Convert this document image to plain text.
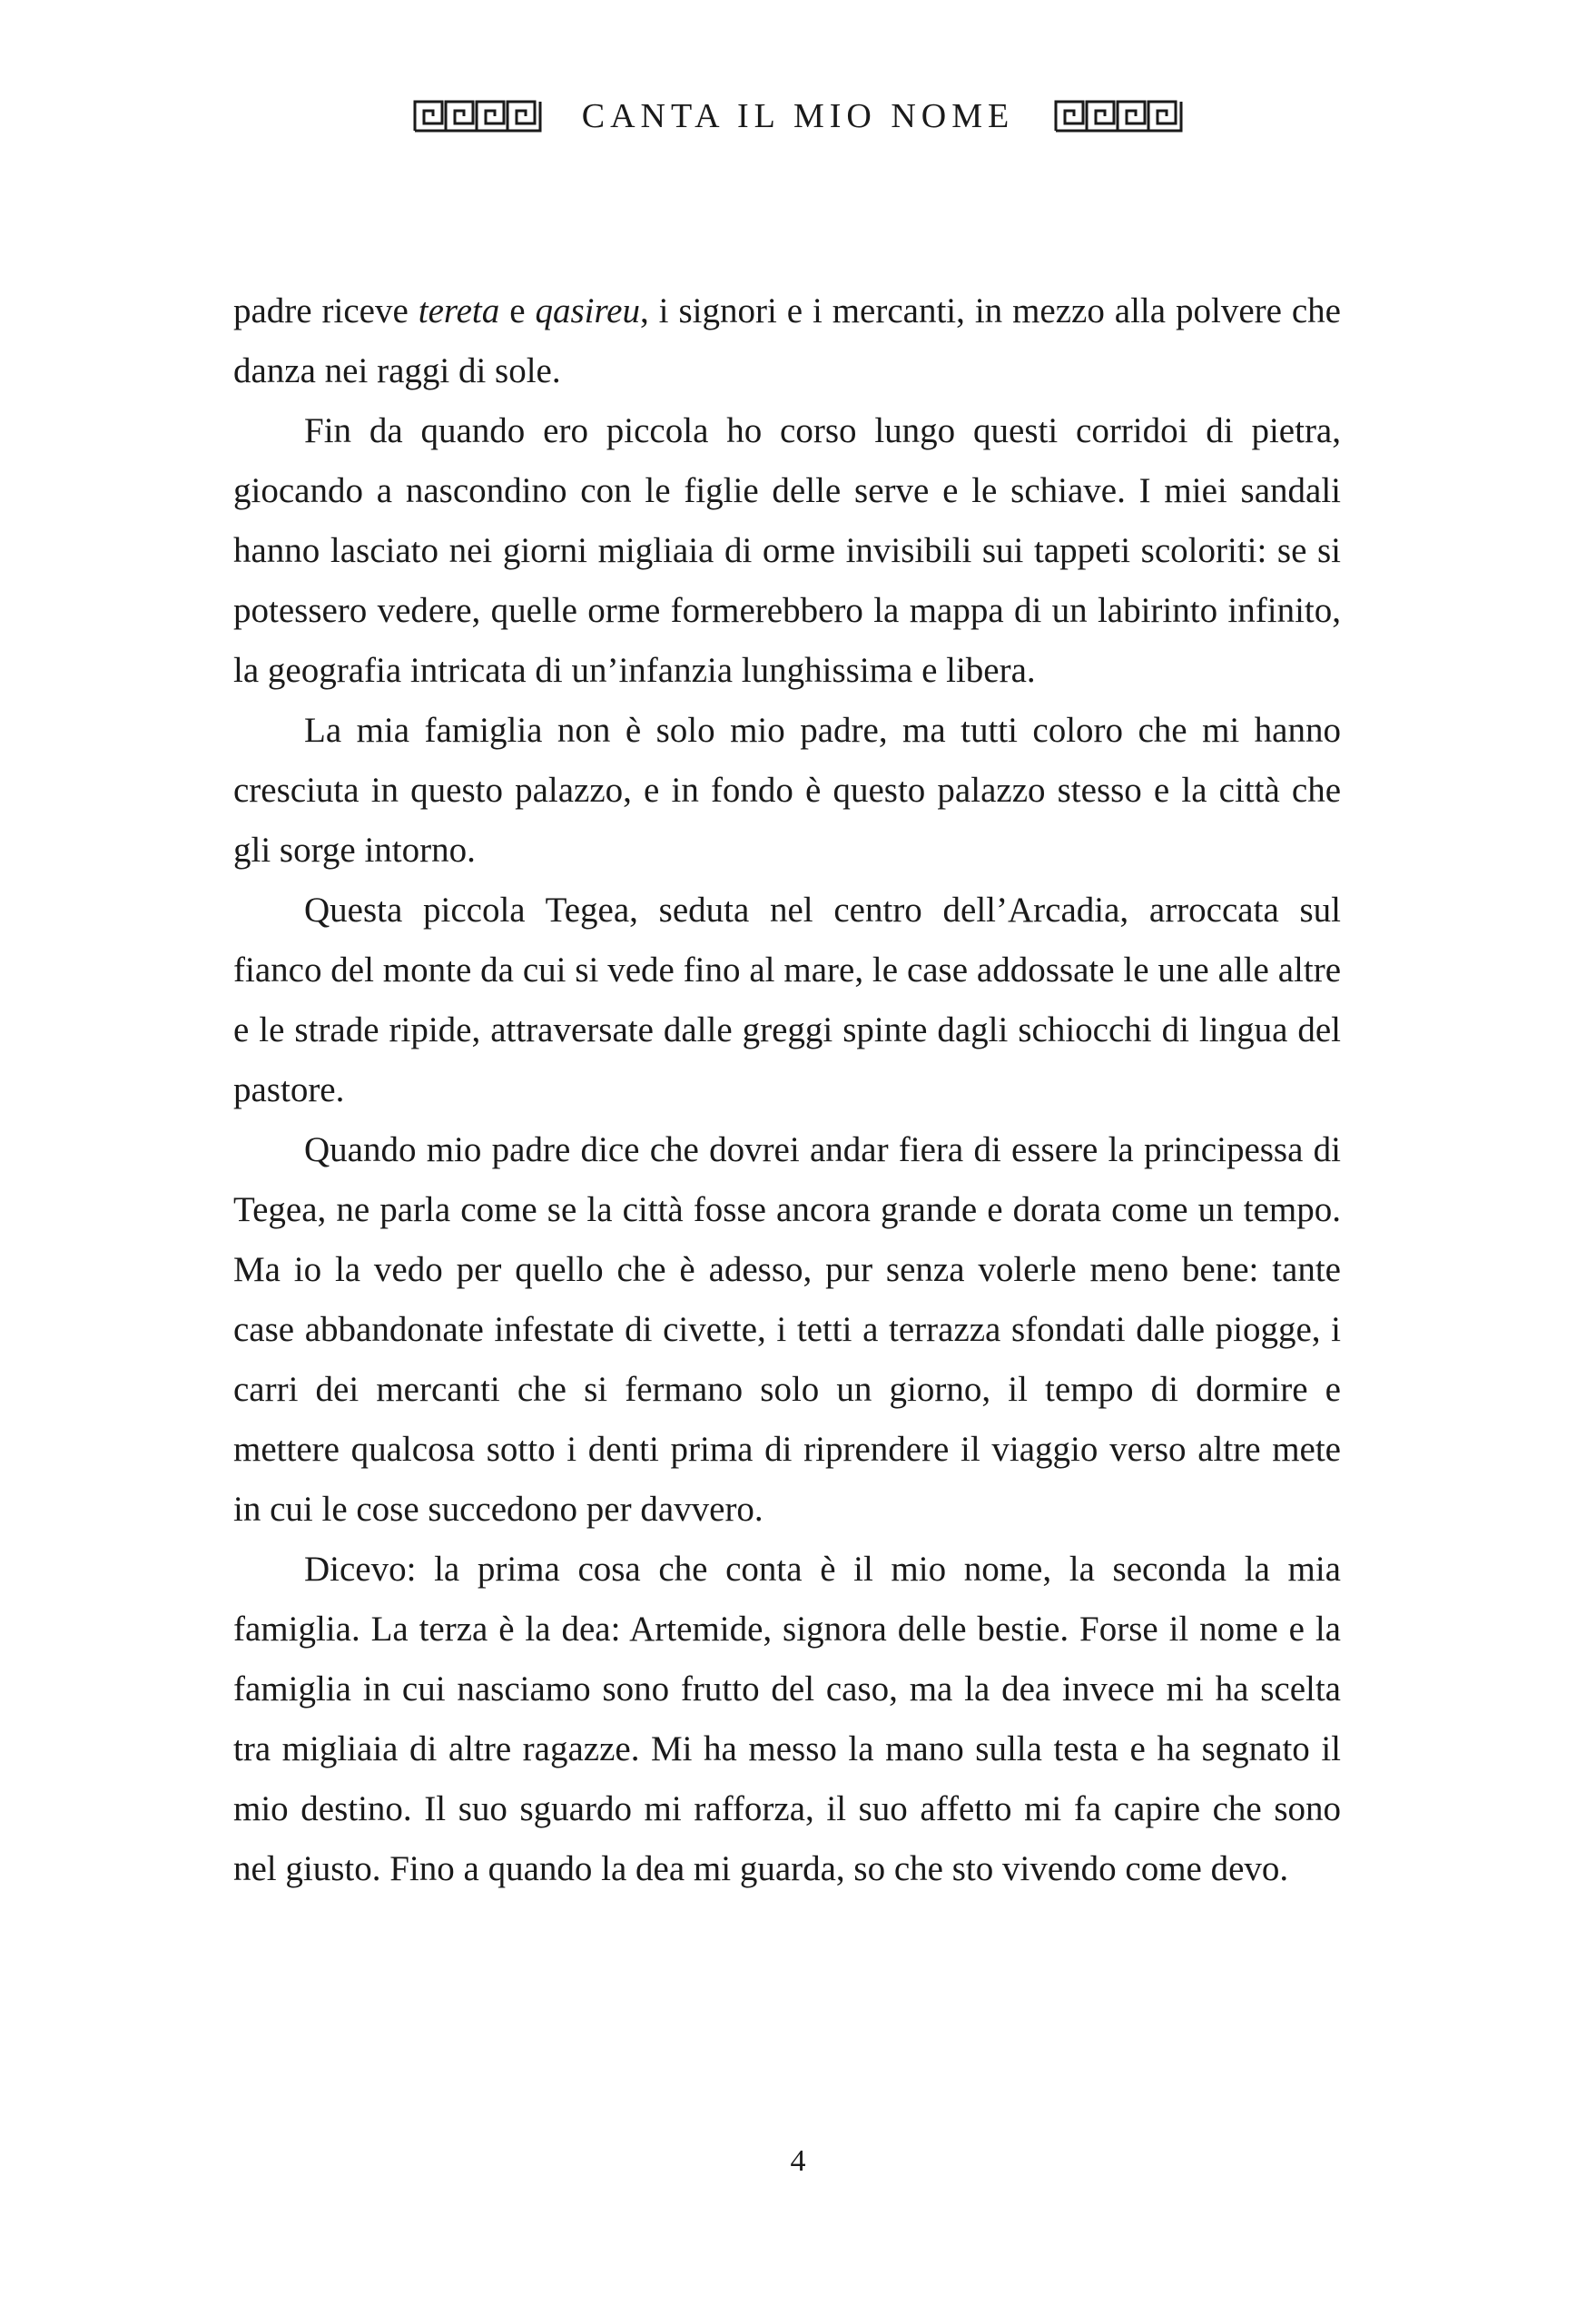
CANTA IL MIO NOME

padre riceve tereta e qasireu, i signori e i mercanti, in mezzo alla polvere che danza nei raggi di sole.

Fin da quando ero piccola ho corso lungo questi corridoi di pietra, giocando a nascondino con le figlie delle serve e le schiave. I miei sandali hanno lasciato nei giorni migliaia di orme invisibili sui tappeti scoloriti: se si potessero vedere, quelle orme formerebbero la mappa di un labirinto infinito, la geografia intricata di un’infanzia lunghissima e libera.

La mia famiglia non è solo mio padre, ma tutti coloro che mi hanno cresciuta in questo palazzo, e in fondo è questo palazzo stesso e la città che gli sorge intorno.

Questa piccola Tegea, seduta nel centro dell’Arcadia, arroccata sul fianco del monte da cui si vede fino al mare, le case addossate le une alle altre e le strade ripide, attraversate dalle greggi spinte dagli schiocchi di lingua del pastore.

Quando mio padre dice che dovrei andar fiera di essere la principessa di Tegea, ne parla come se la città fosse ancora grande e dorata come un tempo. Ma io la vedo per quello che è adesso, pur senza volerle meno bene: tante case abbandonate infestate di civette, i tetti a terrazza sfondati dalle piogge, i carri dei mercanti che si fermano solo un giorno, il tempo di dormire e mettere qualcosa sotto i denti prima di riprendere il viaggio verso altre mete in cui le cose succedono per davvero.

Dicevo: la prima cosa che conta è il mio nome, la seconda la mia famiglia. La terza è la dea: Artemide, signora delle bestie. Forse il nome e la famiglia in cui nasciamo sono frutto del caso, ma la dea invece mi ha scelta tra migliaia di altre ragazze. Mi ha messo la mano sulla testa e ha segnato il mio destino. Il suo sguardo mi rafforza, il suo affetto mi fa capire che sono nel giusto. Fino a quando la dea mi guarda, so che sto vivendo come devo.

4
